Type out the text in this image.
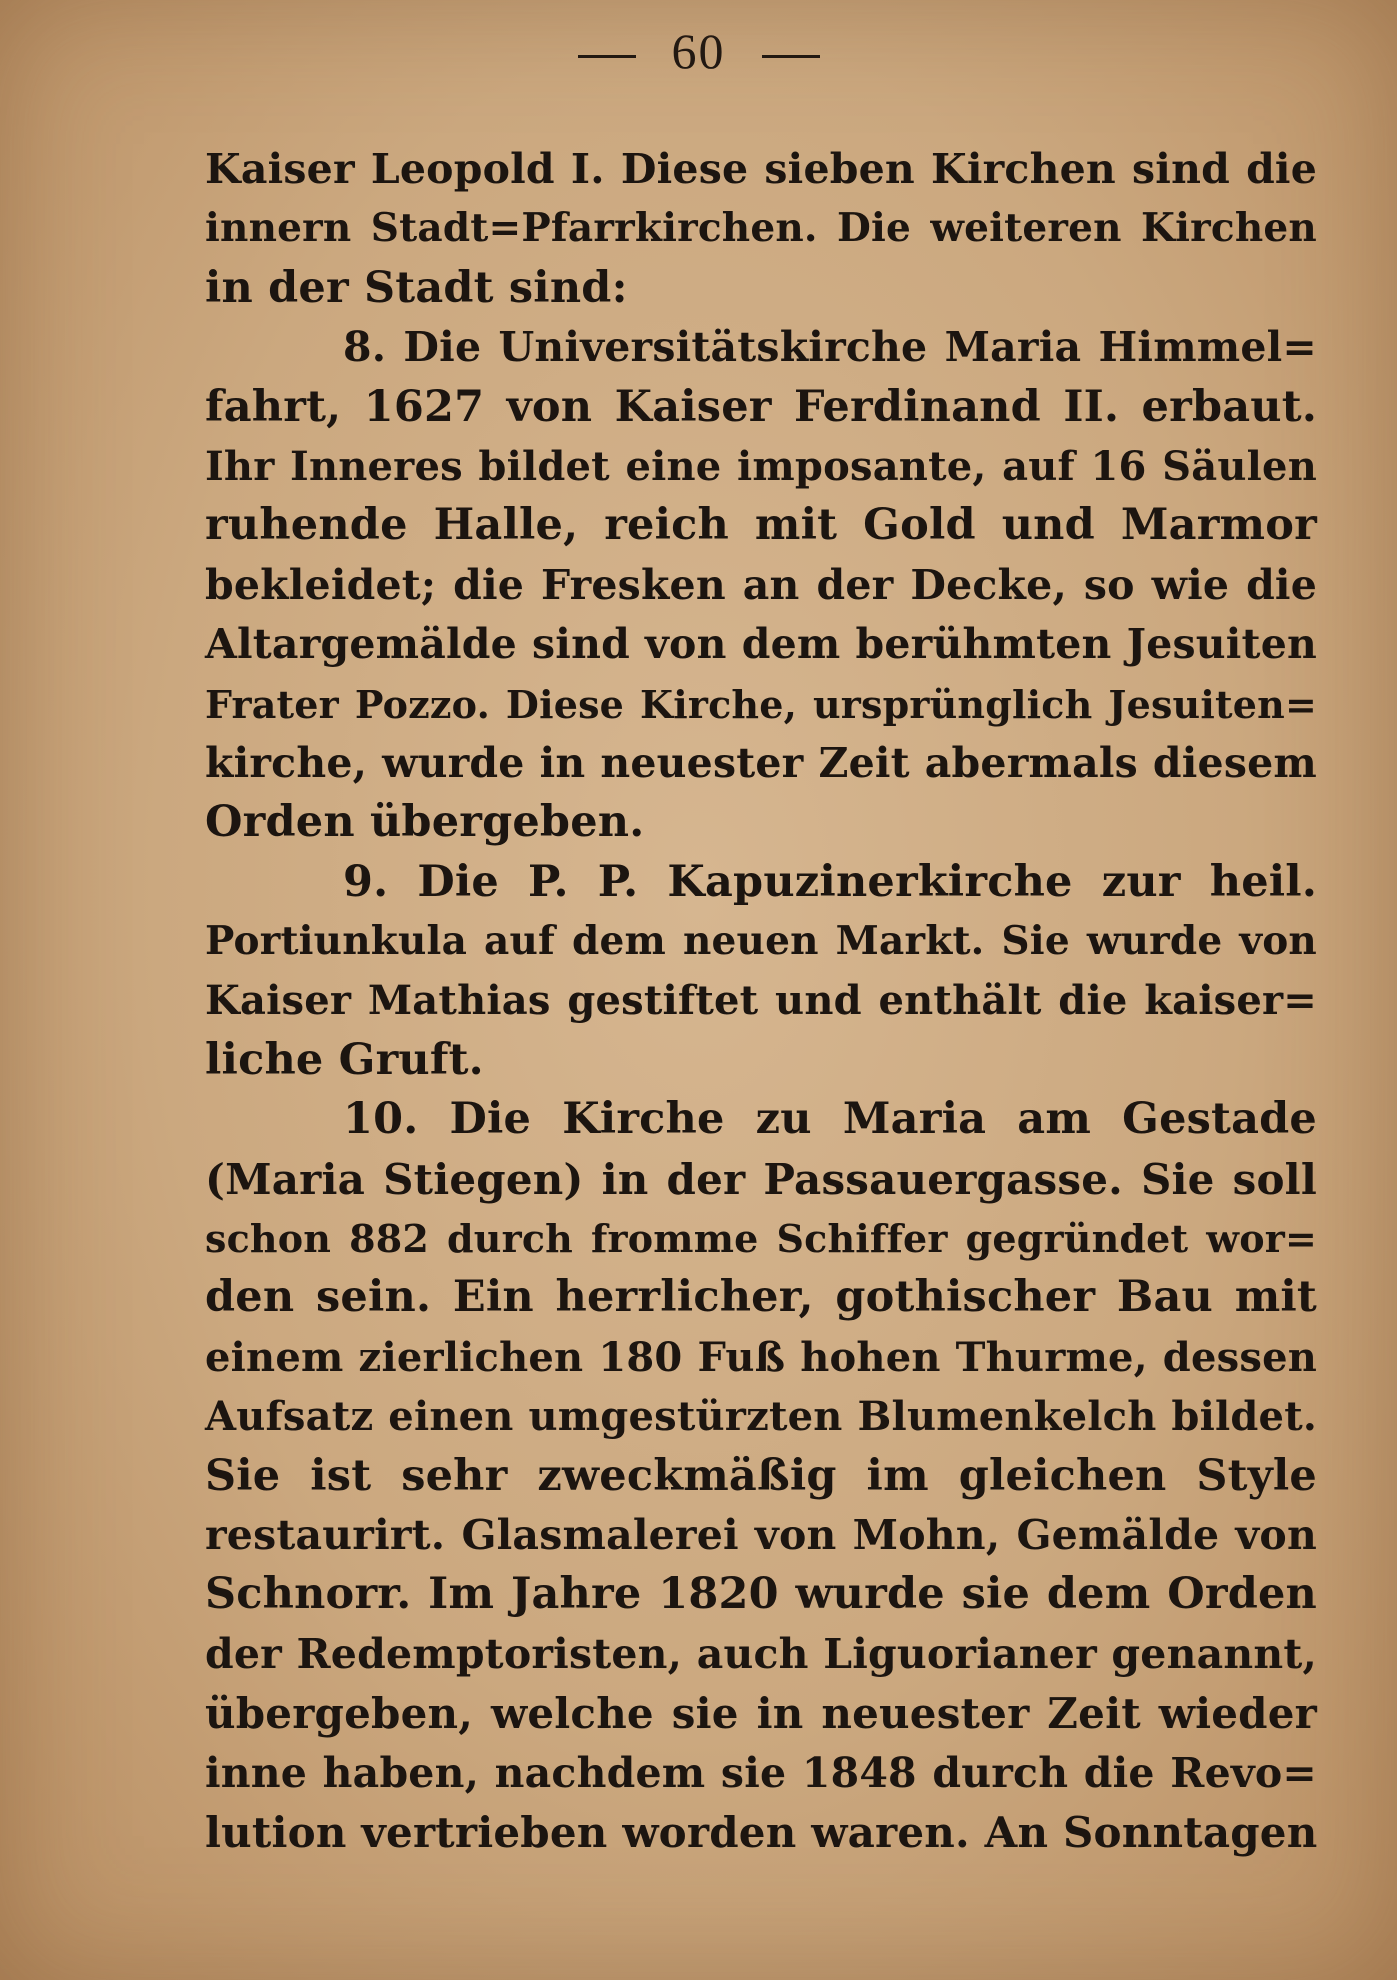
60
Kaiser Leopold I. Diese sieben Kirchen sind die
innern Stadt=Pfarrkirchen. Die weiteren Kirchen
in der Stadt sind:
8. Die Universitätskirche Maria Himmel=
fahrt, 1627 von Kaiser Ferdinand II. erbaut.
Ihr Inneres bildet eine imposante, auf 16 Säulen
ruhende Halle, reich mit Gold und Marmor
bekleidet; die Fresken an der Decke, so wie die
Altargemälde sind von dem berühmten Jesuiten
Frater Pozzo. Diese Kirche, ursprünglich Jesuiten=
kirche, wurde in neuester Zeit abermals diesem
Orden übergeben.
9. Die P. P. Kapuzinerkirche zur heil.
Portiunkula auf dem neuen Markt. Sie wurde von
Kaiser Mathias gestiftet und enthält die kaiser=
liche Gruft.
10. Die Kirche zu Maria am Gestade
(Maria Stiegen) in der Passauergasse. Sie soll
schon 882 durch fromme Schiffer gegründet wor=
den sein. Ein herrlicher, gothischer Bau mit
einem zierlichen 180 Fuß hohen Thurme, dessen
Aufsatz einen umgestürzten Blumenkelch bildet.
Sie ist sehr zweckmäßig im gleichen Style
restaurirt. Glasmalerei von Mohn, Gemälde von
Schnorr. Im Jahre 1820 wurde sie dem Orden
der Redemptoristen, auch Liguorianer genannt,
übergeben, welche sie in neuester Zeit wieder
inne haben, nachdem sie 1848 durch die Revo=
lution vertrieben worden waren. An Sonntagen
